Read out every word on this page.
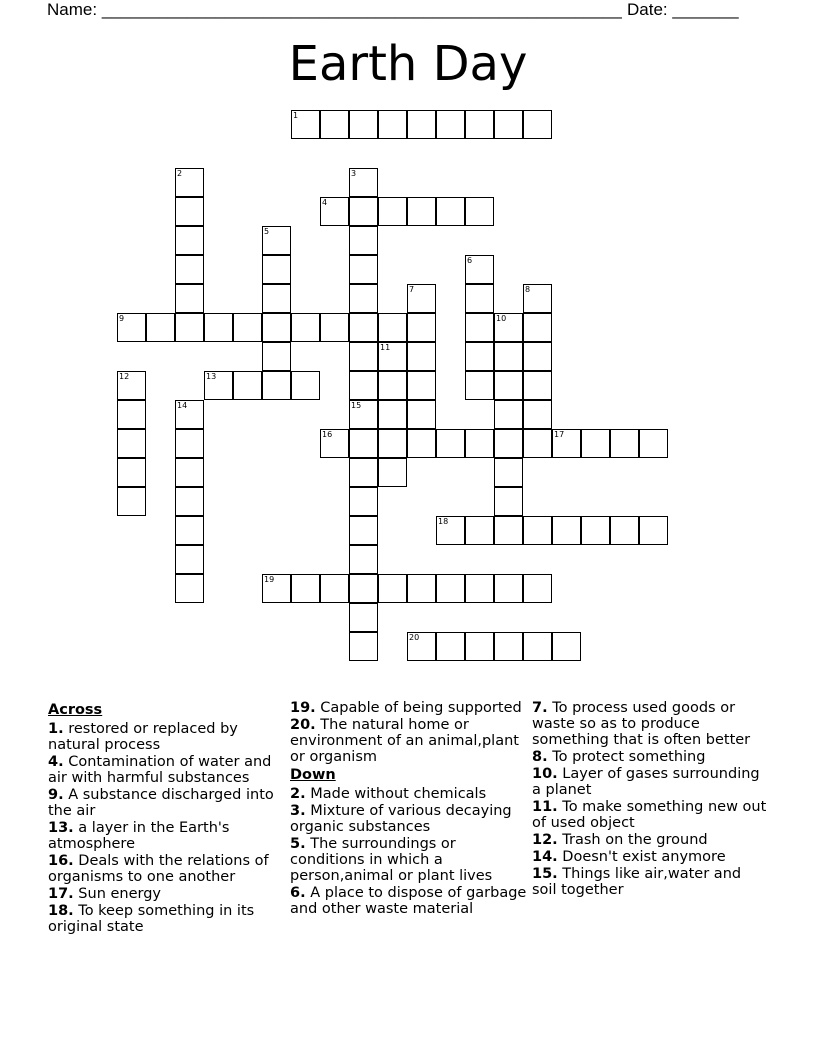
Name: _______________________________________________________ Date: _______
Earth Day
1
2	3
4
5
6
7	8
9	10
11
12	13
14	15
16	17
18
19
20
Across
1. restored or replaced by natural process
4. Contamination of water and air with harmful substances
9. A substance discharged into the air
13. a layer in the Earth's atmosphere
16. Deals with the relations of organisms to one another
17. Sun energy
18. To keep something in its original state
19. Capable of being supported
20. The natural home or environment of an animal,plant or organism
Down
2. Made without chemicals
3. Mixture of various decaying organic substances
5. The surroundings or conditions in which a person,animal or plant lives
6. A place to dispose of garbage and other waste material
7. To process used goods or waste so as to produce something that is often better
8. To protect something
10. Layer of gases surrounding a planet
11. To make something new out of used object
12. Trash on the ground
14. Doesn't exist anymore
15. Things like air,water and soil together
